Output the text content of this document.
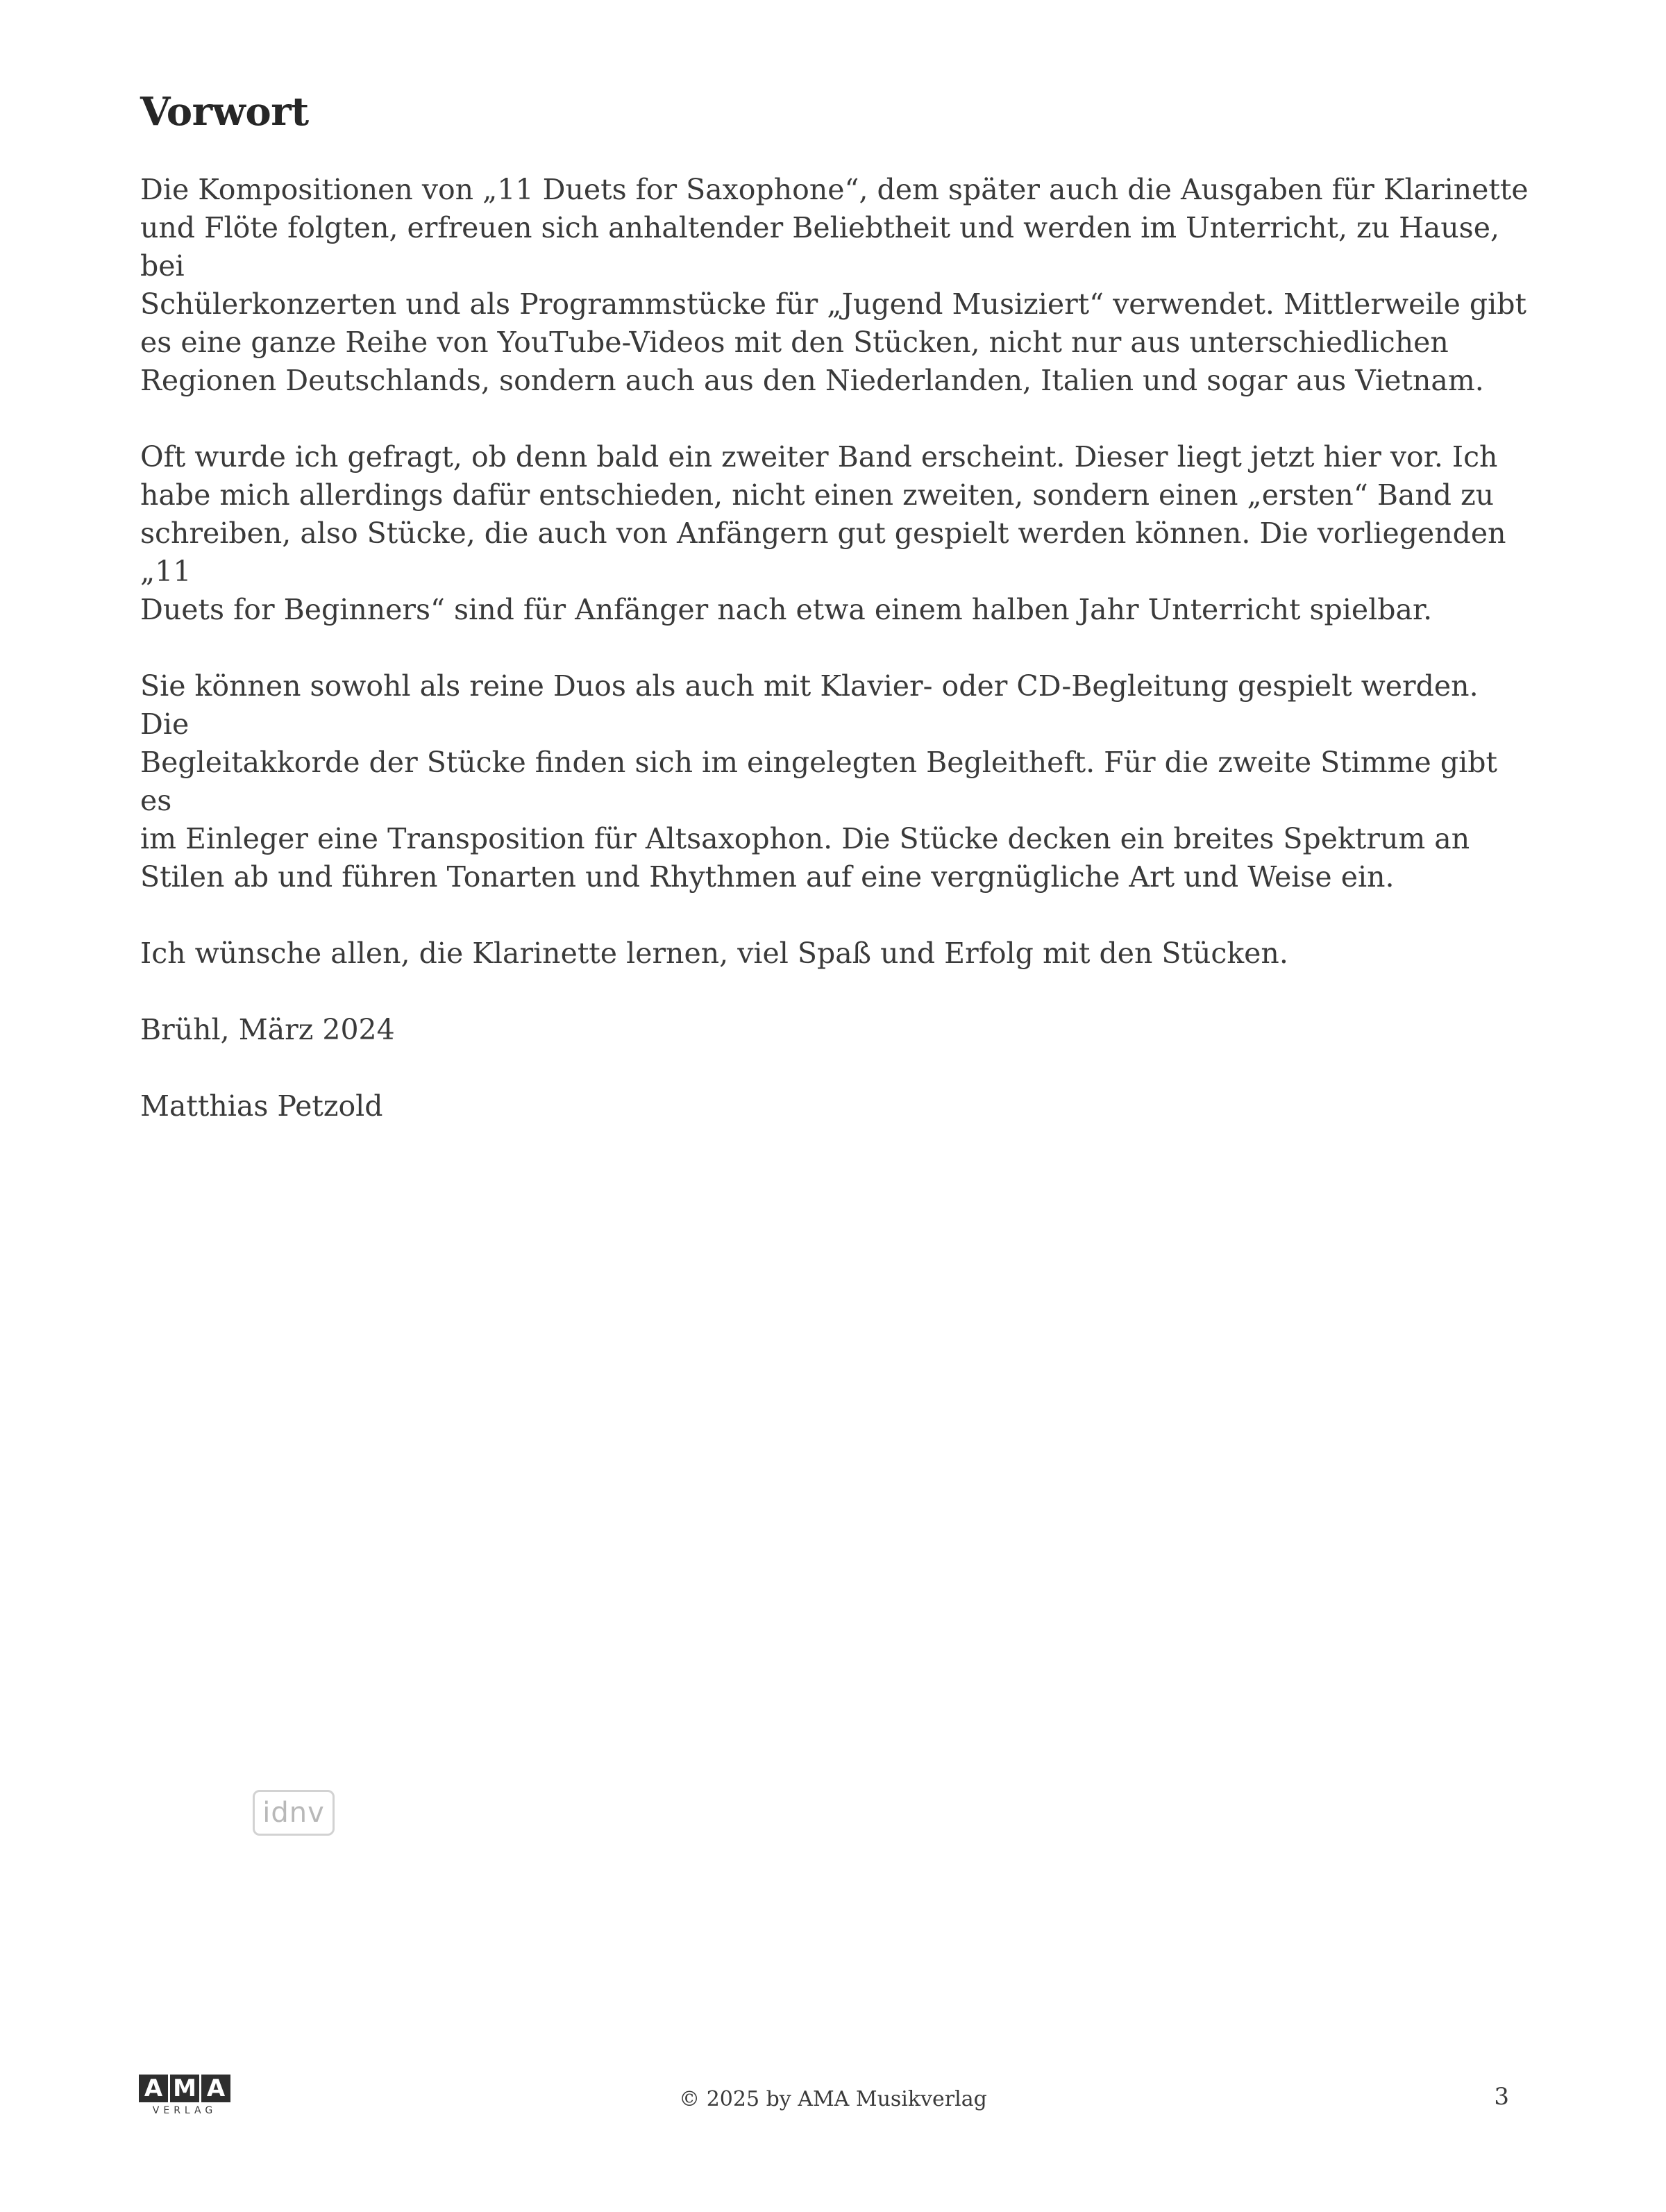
Vorwort

Die Kompositionen von „11 Duets for Saxophone“, dem später auch die Ausgaben für Klarinette
und Flöte folgten, erfreuen sich anhaltender Beliebtheit und werden im Unterricht, zu Hause, bei
Schülerkonzerten und als Programmstücke für „Jugend Musiziert“ verwendet. Mittlerweile gibt
es eine ganze Reihe von YouTube-Videos mit den Stücken, nicht nur aus unterschiedlichen
Regionen Deutschlands, sondern auch aus den Niederlanden, Italien und sogar aus Vietnam.

Oft wurde ich gefragt, ob denn bald ein zweiter Band erscheint. Dieser liegt jetzt hier vor. Ich
habe mich allerdings dafür entschieden, nicht einen zweiten, sondern einen „ersten“ Band zu
schreiben, also Stücke, die auch von Anfängern gut gespielt werden können. Die vorliegenden „11
Duets for Beginners“ sind für Anfänger nach etwa einem halben Jahr Unterricht spielbar.

Sie können sowohl als reine Duos als auch mit Klavier- oder CD-Begleitung gespielt werden. Die
Begleitakkorde der Stücke finden sich im eingelegten Begleitheft. Für die zweite Stimme gibt es
im Einleger eine Transposition für Altsaxophon. Die Stücke decken ein breites Spektrum an
Stilen ab und führen Tonarten und Rhythmen auf eine vergnügliche Art und Weise ein.

Ich wünsche allen, die Klarinette lernen, viel Spaß und Erfolg mit den Stücken.

Brühl, März 2024

Matthias Petzold

idnv
A M A
VERLAG	© 2025 by AMA Musikverlag	3
